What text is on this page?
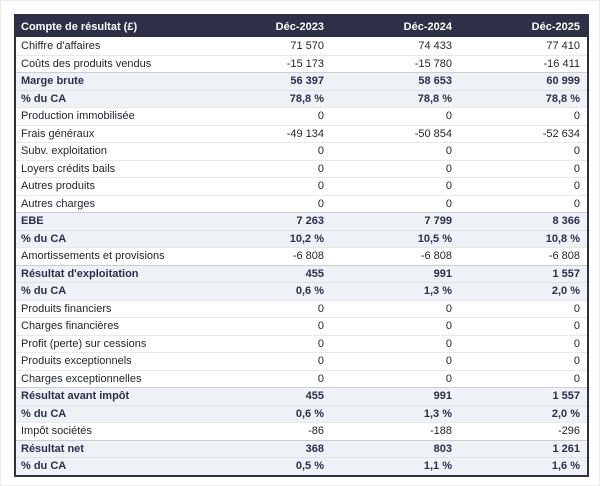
Compte de résultat (£)	Déc-2023	Déc-2024	Déc-2025
Chiffre d'affaires	71 570	74 433	77 410
Coûts des produits vendus	-15 173	-15 780	-16 411
Marge brute	56 397	58 653	60 999
% du CA	78,8 %	78,8 %	78,8 %
Production immobilisée	0	0	0
Frais généraux	-49 134	-50 854	-52 634
Subv. exploitation	0	0	0
Loyers crédits bails	0	0	0
Autres produits	0	0	0
Autres charges	0	0	0
EBE	7 263	7 799	8 366
% du CA	10,2 %	10,5 %	10,8 %
Amortissements et provisions	-6 808	-6 808	-6 808
Résultat d'exploitation	455	991	1 557
% du CA	0,6 %	1,3 %	2,0 %
Produits financiers	0	0	0
Charges financières	0	0	0
Profit (perte) sur cessions	0	0	0
Produits exceptionnels	0	0	0
Charges exceptionnelles	0	0	0
Résultat avant impôt	455	991	1 557
% du CA	0,6 %	1,3 %	2,0 %
Impôt sociétés	-86	-188	-296
Résultat net	368	803	1 261
% du CA	0,5 %	1,1 %	1,6 %
